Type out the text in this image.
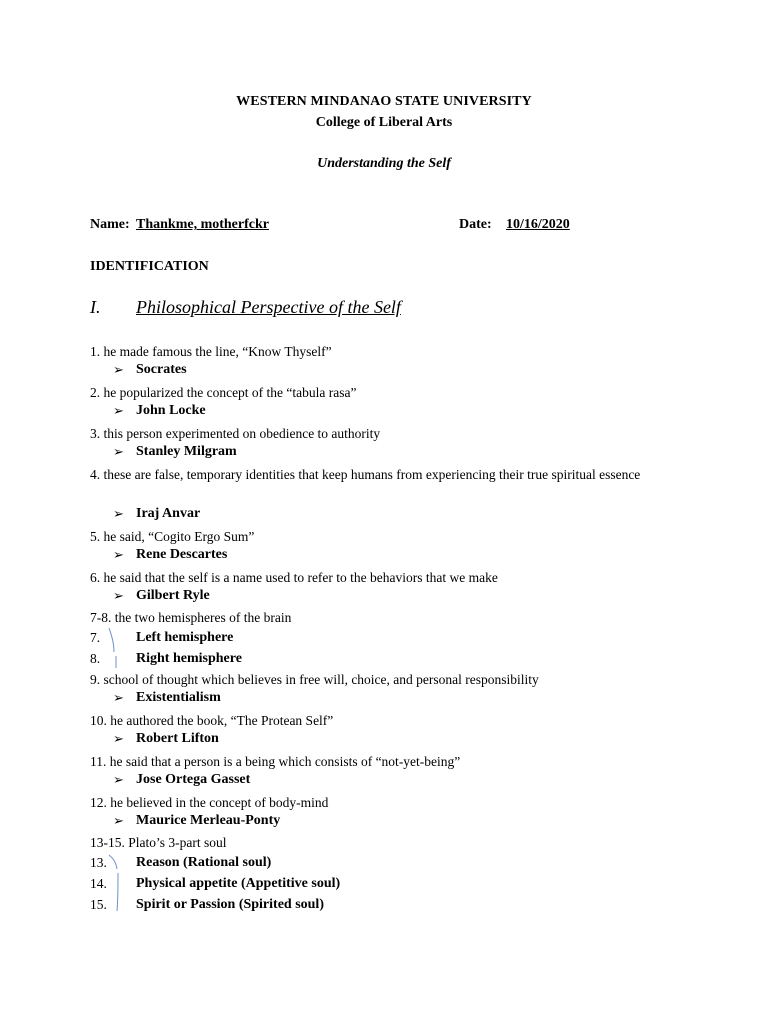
WESTERN MINDANAO STATE UNIVERSITY
College of Liberal Arts
Understanding the Self
Name: Thankme, motherfckr	Date:	10/16/2020
IDENTIFICATION
I. Philosophical Perspective of the Self
1. he made famous the line, “Know Thyself”
➢ Socrates
2. he popularized the concept of the “tabula rasa”
➢ John Locke
3. this person experimented on obedience to authority
➢ Stanley Milgram
4. these are false, temporary identities that keep humans from experiencing their true spiritual essence
➢ Iraj Anvar
5. he said, “Cogito Ergo Sum”
➢ Rene Descartes
6. he said that the self is a name used to refer to the behaviors that we make
➢ Gilbert Ryle
7-8. the two hemispheres of the brain
7.	Left hemisphere
8.	Right hemisphere
9. school of thought which believes in free will, choice, and personal responsibility
➢ Existentialism
10. he authored the book, “The Protean Self”
➢ Robert Lifton
11. he said that a person is a being which consists of “not-yet-being”
➢ Jose Ortega Gasset
12. he believed in the concept of body-mind
➢ Maurice Merleau-Ponty
13-15. Plato’s 3-part soul
13. Reason (Rational soul)
14. Physical appetite (Appetitive soul)
15. Spirit or Passion (Spirited soul)
